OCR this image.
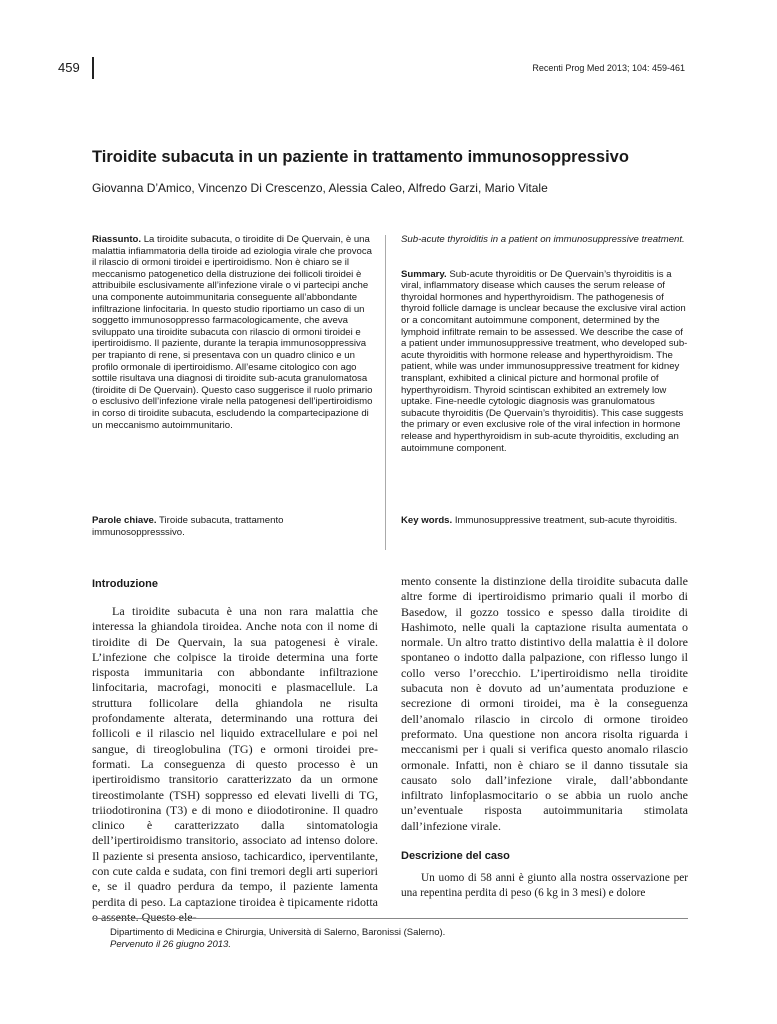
459	Recenti Prog Med 2013; 104: 459-461
Tiroidite subacuta in un paziente in trattamento immunosoppressivo
Giovanna D’Amico, Vincenzo Di Crescenzo, Alessia Caleo, Alfredo Garzi, Mario Vitale

Riassunto. La tiroidite subacuta, o tiroidite di De Quervain, è una malattia infiammatoria della tiroide ad eziologia virale che provoca il rilascio di ormoni tiroidei e ipertiroidismo. Non è chiaro se il meccanismo patogenetico della distruzione dei follicoli tiroidei è attribuibile esclusivamente all’infezione virale o vi partecipi anche una componente autoimmunitaria conseguente all’abbondante infiltrazione linfocitaria. In questo studio riportiamo un caso di un soggetto immunosoppresso farmacologicamente, che aveva sviluppato una tiroidite subacuta con rilascio di ormoni tiroidei e ipertiroidismo. Il paziente, durante la terapia immunosoppressiva per trapianto di rene, si presentava con un quadro clinico e un profilo ormonale di ipertiroidismo. All’esame citologico con ago sottile risultava una diagnosi di tiroidite sub-acuta granulomatosa (tiroidite di De Quervain). Questo caso suggerisce il ruolo primario o esclusivo dell’infezione virale nella patogenesi dell’ipertiroidismo in corso di tiroidite subacuta, escludendo la compartecipazione di un meccanismo autoimmunitario.

Sub-acute thyroiditis in a patient on immunosuppressive treatment.

Summary. Sub-acute thyroiditis or De Quervain’s thyroiditis is a viral, inflammatory disease which causes the serum release of thyroidal hormones and hyperthyroidism. The pathogenesis of thyroid follicle damage is unclear because the exclusive viral action or a concomitant autoimmune component, determined by the lymphoid infiltrate remain to be assessed. We describe the case of a patient under immunosuppressive treatment, who developed sub-acute thyroiditis with hormone release and hyperthyroidism. The patient, while was under immunosuppressive treatment for kidney transplant, exhibited a clinical picture and hormonal profile of hyperthyroidism. Thyroid scintiscan exhibited an extremely low uptake. Fine-needle cytologic diagnosis was granulomatous subacute thyroiditis (De Quervain’s thyroiditis). This case suggests the primary or even exclusive role of the viral infection in hormone release and hyperthyroidism in sub-acute thyroiditis, excluding an autoimmune component.

Parole chiave. Tiroide subacuta, trattamento immunosoppresssivo.

Key words. Immunosuppressive treatment, sub-acute thyroiditis.

Introduzione

La tiroidite subacuta è una non rara malattia che interessa la ghiandola tiroidea. Anche nota con il nome di tiroidite di De Quervain, la sua patogenesi è virale. L’infezione che colpisce la tiroide determina una forte risposta immunitaria con abbondante infiltrazione linfocitaria, macrofagi, monociti e plasmacellule. La struttura follicolare della ghiandola ne risulta profondamente alterata, determinando una rottura dei follicoli e il rilascio nel liquido extracellulare e poi nel sangue, di tireoglobulina (TG) e ormoni tiroidei pre-formati. La conseguenza di questo processo è un ipertiroidismo transitorio caratterizzato da un ormone tireostimolante (TSH) soppresso ed elevati livelli di TG, triiodotironina (T3) e di mono e diiodotironine. Il quadro clinico è caratterizzato dalla sintomatologia dell’ipertiroidismo transitorio, associato ad intenso dolore. Il paziente si presenta ansioso, tachicardico, iperventilante, con cute calda e sudata, con fini tremori degli arti superiori e, se il quadro perdura da tempo, il paziente lamenta perdita di peso. La captazione tiroidea è tipicamente ridotta o assente. Questo ele-

mento consente la distinzione della tiroidite subacuta dalle altre forme di ipertiroidismo primario quali il morbo di Basedow, il gozzo tossico e spesso dalla tiroidite di Hashimoto, nelle quali la captazione risulta aumentata o normale. Un altro tratto distintivo della malattia è il dolore spontaneo o indotto dalla palpazione, con riflesso lungo il collo verso l’orecchio. L’ipertiroidismo nella tiroidite subacuta non è dovuto ad un’aumentata produzione e secrezione di ormoni tiroidei, ma è la conseguenza dell’anomalo rilascio in circolo di ormone tiroideo preformato. Una questione non ancora risolta riguarda i meccanismi per i quali si verifica questo anomalo rilascio ormonale. Infatti, non è chiaro se il danno tissutale sia causato solo dall’infezione virale, dall’abbondante infiltrato linfoplasmocitario o se abbia un ruolo anche un’eventuale risposta autoimmunitaria stimolata dall’infezione virale.

Descrizione del caso

Un uomo di 58 anni è giunto alla nostra osservazione per una repentina perdita di peso (6 kg in 3 mesi) e dolore

Dipartimento di Medicina e Chirurgia, Università di Salerno, Baronissi (Salerno).
Pervenuto il 26 giugno 2013.
